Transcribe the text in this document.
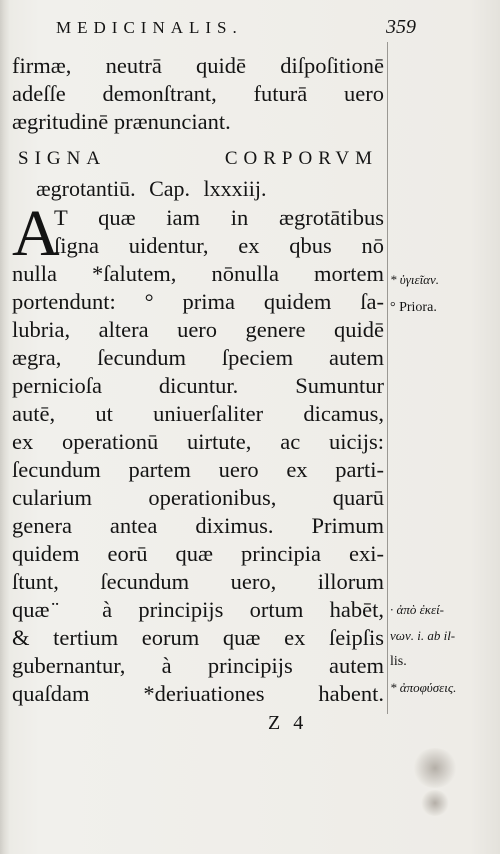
MEDICINALIS.	359
firmæ, neutrā quidē diſpoſitionē
adeſſe demonſtrant, futurā uero
ægritudinē prænunciant.
SIGNA CORPORVM
ægrotantiū. Cap. lxxxiij.
A
T quæ iam in ægrotātibus
ſigna uidentur, ex qbus nō
nulla *ſalutem, nōnulla mortem
portendunt: ° prima quidem ſa-
lubria, altera uero genere quidē
ægra, ſecundum ſpeciem autem
pernicioſa dicuntur. Sumuntur
autē, ut uniuerſaliter dicamus,
ex operationū uirtute, ac uicijs:
ſecundum partem uero ex parti-
cularium operationibus, quarū
genera antea diximus. Primum
quidem eorū quæ principia exi-
ſtunt, ſecundum uero, illorum
quæ ̈ à principijs ortum habēt,
& tertium eorum quæ ex ſeipſis
gubernantur, à principijs autem
quaſdam *deriuationes habent.
* ὑγιεῖαν.
° Priora.
· ἀπὸ ἐκεί-
νων. i. ab il-
lis.
* ἀποφύσεις.
Z 4
